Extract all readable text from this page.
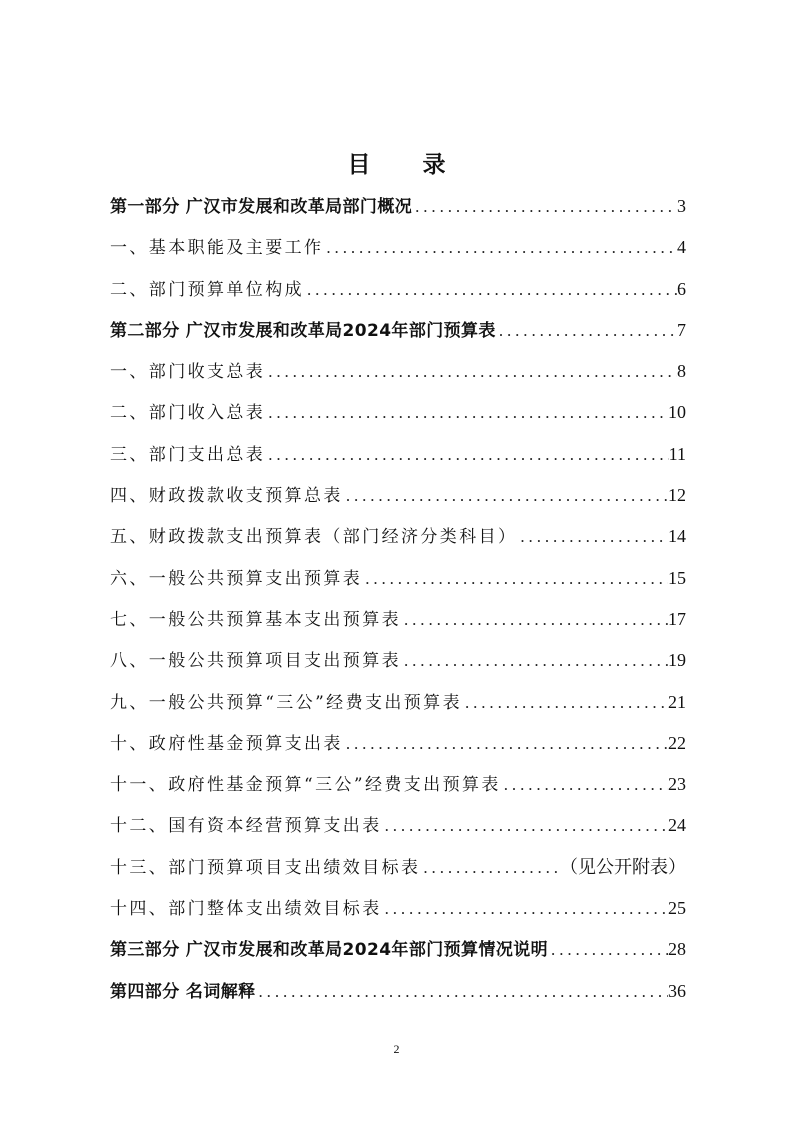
目 录
第一部分 广汉市发展和改革局部门概况 .....	3
一、基本职能及主要工作 .....	4
二、部门预算单位构成 .....	6
第二部分 广汉市发展和改革局2024年部门预算表 .....	7
一、部门收支总表 .....	8
二、部门收入总表 .....	10
三、部门支出总表 .....	11
四、财政拨款收支预算总表 .....	12
五、财政拨款支出预算表（部门经济分类科目） .....	14
六、一般公共预算支出预算表 .....	15
七、一般公共预算基本支出预算表 .....	17
八、一般公共预算项目支出预算表 .....	19
九、一般公共预算“三公”经费支出预算表 .....	21
十、政府性基金预算支出表 .....	22
十一、政府性基金预算“三公”经费支出预算表 .....	23
十二、国有资本经营预算支出表 .....	24
十三、部门预算项目支出绩效目标表 .....	（见公开附表）
十四、部门整体支出绩效目标表 .....	25
第三部分 广汉市发展和改革局2024年部门预算情况说明 .....	28
第四部分 名词解释 .....	36
2
